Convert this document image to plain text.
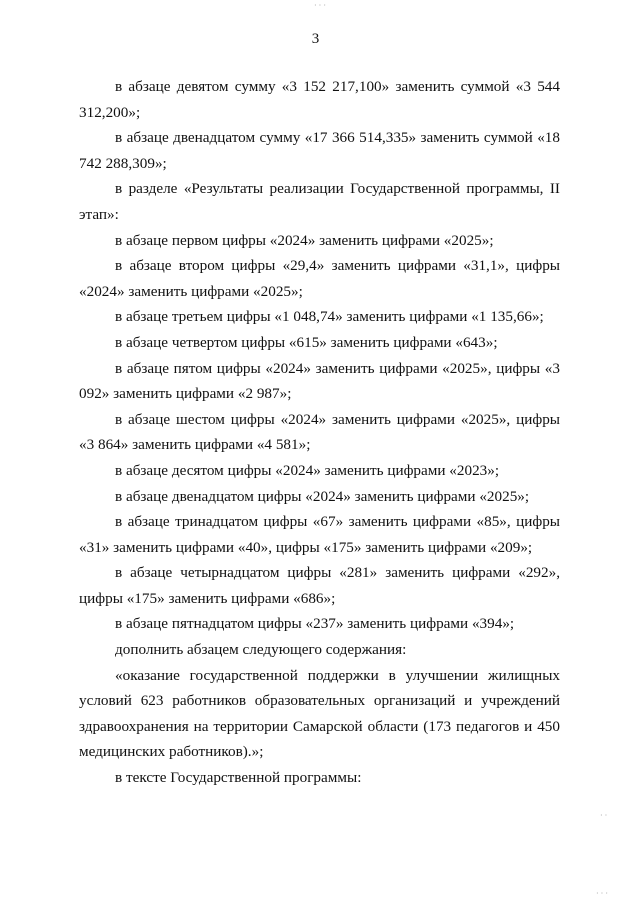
3

в абзаце девятом сумму «3 152 217,100» заменить суммой «3 544 312,200»;

в абзаце двенадцатом сумму «17 366 514,335» заменить суммой «18 742 288,309»;

в разделе «Результаты реализации Государственной программы, II этап»:

в абзаце первом цифры «2024» заменить цифрами «2025»;

в абзаце втором цифры «29,4» заменить цифрами «31,1», цифры «2024» заменить цифрами «2025»;

в абзаце третьем цифры «1 048,74» заменить цифрами «1 135,66»;

в абзаце четвертом цифры «615» заменить цифрами «643»;

в абзаце пятом цифры «2024» заменить цифрами «2025», цифры «3 092» заменить цифрами «2 987»;

в абзаце шестом цифры «2024» заменить цифрами «2025», цифры «3 864» заменить цифрами «4 581»;

в абзаце десятом цифры «2024» заменить цифрами «2023»;

в абзаце двенадцатом цифры «2024» заменить цифрами «2025»;

в абзаце тринадцатом цифры «67» заменить цифрами «85», цифры «31» заменить цифрами «40», цифры «175» заменить цифрами «209»;

в абзаце четырнадцатом цифры «281» заменить цифрами «292», цифры «175» заменить цифрами «686»;

в абзаце пятнадцатом цифры «237» заменить цифрами «394»;

дополнить абзацем следующего содержания:

«оказание государственной поддержки в улучшении жилищных условий 623 работников образовательных организаций и учреждений здравоохранения на территории Самарской области (173 педагогов и 450 медицинских работников).»;

в тексте Государственной программы:

· · ·
· ·
· · ·
